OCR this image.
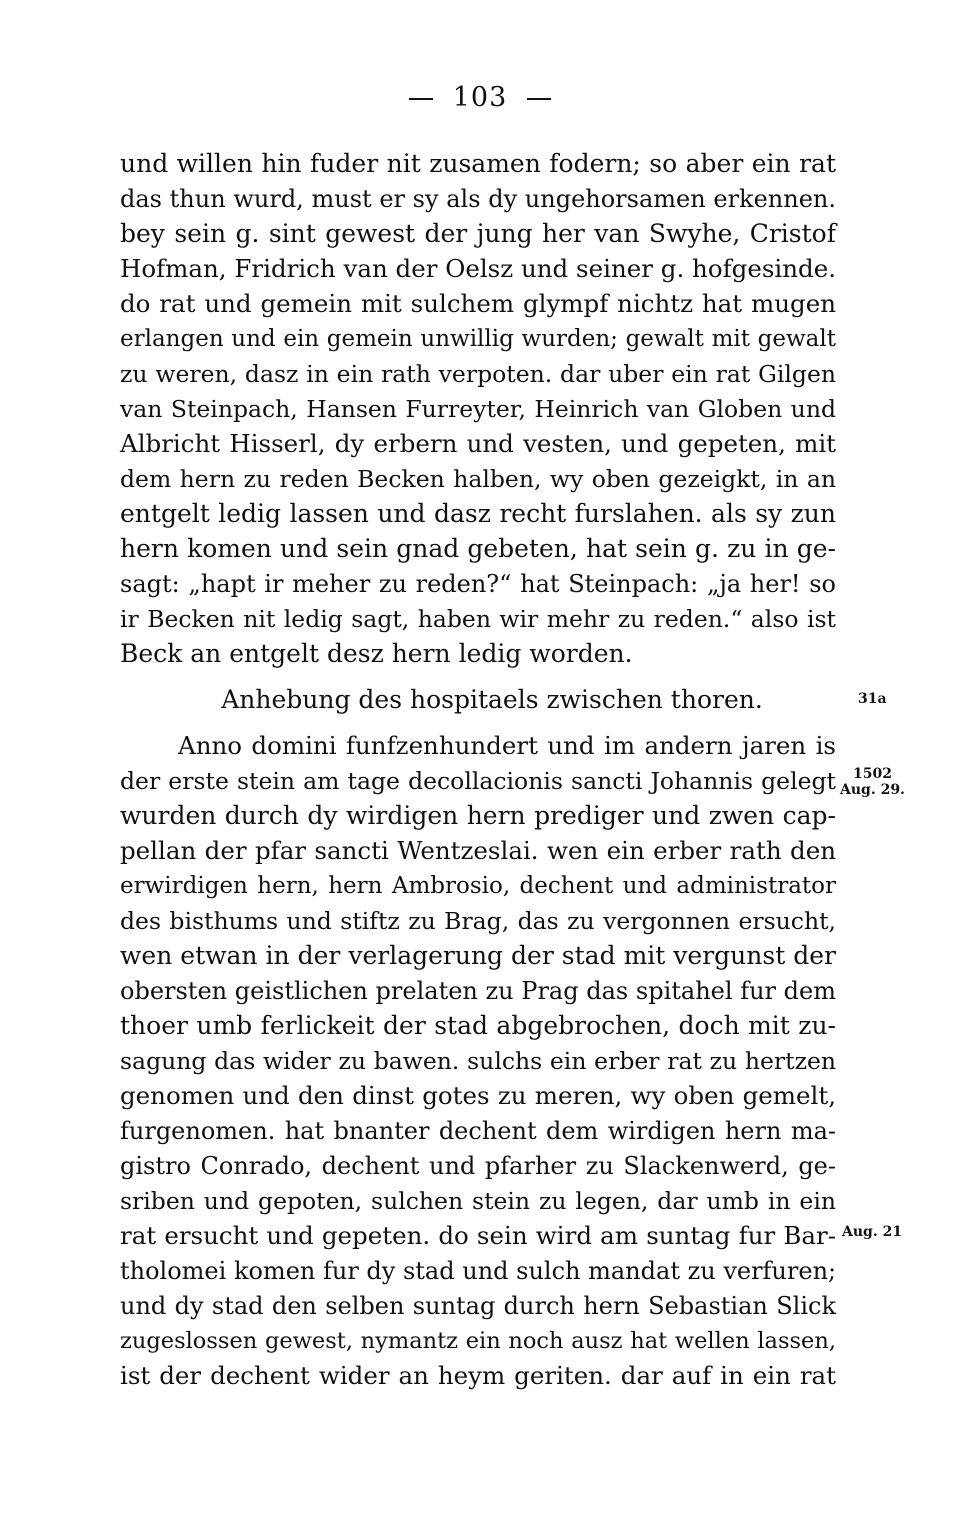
103
und willen hin fuder nit zusamen fodern; so aber ein rat
das thun wurd, must er sy als dy ungehorsamen erkennen.
bey sein g. sint gewest der jung her van Swyhe, Cristof
Hofman, Fridrich van der Oelsz und seiner g. hofgesinde.
do rat und gemein mit sulchem glympf nichtz hat mugen
erlangen und ein gemein unwillig wurden; gewalt mit gewalt
zu weren, dasz in ein rath verpoten. dar uber ein rat Gilgen
van Steinpach, Hansen Furreyter, Heinrich van Globen und
Albricht Hisserl, dy erbern und vesten, und gepeten, mit
dem hern zu reden Becken halben, wy oben gezeigkt, in an
entgelt ledig lassen und dasz recht furslahen. als sy zun
hern komen und sein gnad gebeten, hat sein g. zu in ge-
sagt: „hapt ir meher zu reden?“ hat Steinpach: „ja her! so
ir Becken nit ledig sagt, haben wir mehr zu reden.“ also ist
Beck an entgelt desz hern ledig worden.
Anhebung des hospitaels zwischen thoren.	31a
Anno domini funfzenhundert und im andern jaren is
der erste stein am tage decollacionis sancti Johannis gelegt
wurden durch dy wirdigen hern prediger und zwen cap-
pellan der pfar sancti Wentzeslai. wen ein erber rath den
erwirdigen hern, hern Ambrosio, dechent und administrator
des bisthums und stiftz zu Brag, das zu vergonnen ersucht,
wen etwan in der verlagerung der stad mit vergunst der
obersten geistlichen prelaten zu Prag das spitahel fur dem
thoer umb ferlickeit der stad abgebrochen, doch mit zu-
sagung das wider zu bawen. sulchs ein erber rat zu hertzen
genomen und den dinst gotes zu meren, wy oben gemelt,
furgenomen. hat bnanter dechent dem wirdigen hern ma-
gistro Conrado, dechent und pfarher zu Slackenwerd, ge-
sriben und gepoten, sulchen stein zu legen, dar umb in ein
rat ersucht und gepeten. do sein wird am suntag fur Bar-
tholomei komen fur dy stad und sulch mandat zu verfuren;
und dy stad den selben suntag durch hern Sebastian Slick
zugeslossen gewest, nymantz ein noch ausz hat wellen lassen,
ist der dechent wider an heym geriten. dar auf in ein rat
1502
Aug. 29.
Aug. 21
